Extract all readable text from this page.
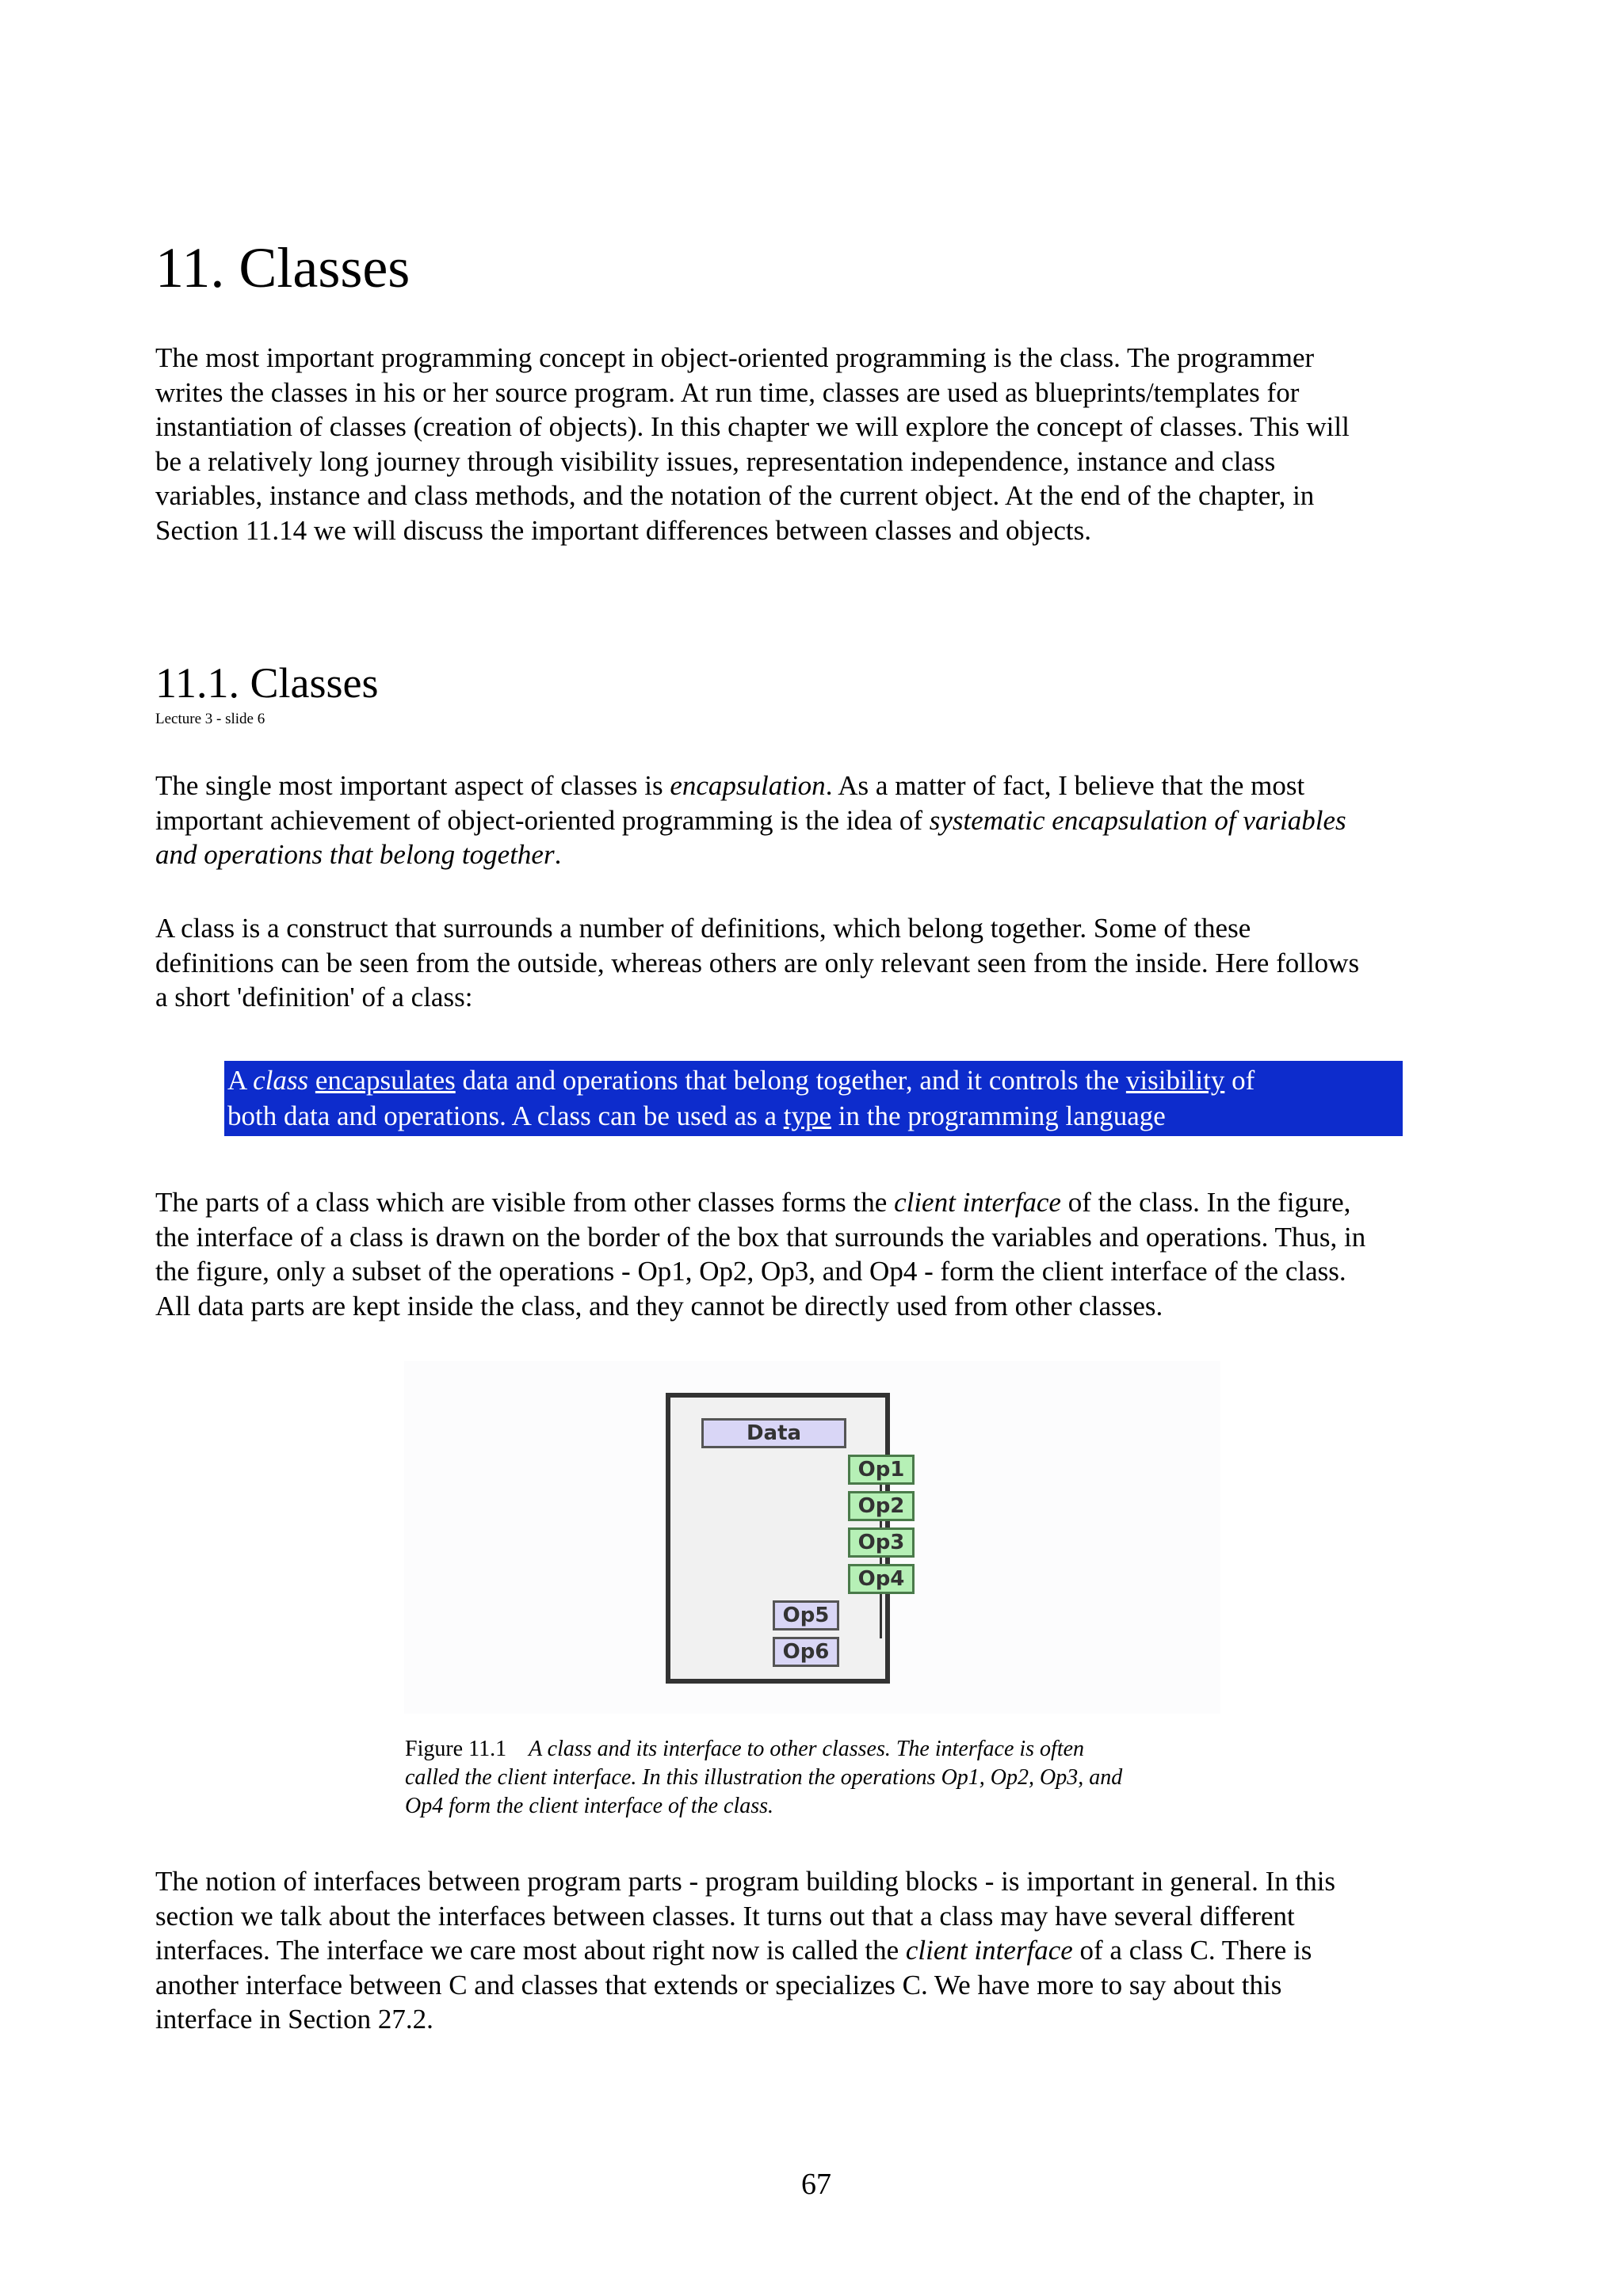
11. Classes

The most important programming concept in object-oriented programming is the class. The programmer
writes the classes in his or her source program. At run time, classes are used as blueprints/templates for
instantiation of classes (creation of objects). In this chapter we will explore the concept of classes. This will
be a relatively long journey through visibility issues, representation independence, instance and class
variables, instance and class methods, and the notation of the current object. At the end of the chapter, in
Section 11.14 we will discuss the important differences between classes and objects.

11.1. Classes
Lecture 3 - slide 6

The single most important aspect of classes is encapsulation. As a matter of fact, I believe that the most
important achievement of object-oriented programming is the idea of systematic encapsulation of variables
and operations that belong together.

A class is a construct that surrounds a number of definitions, which belong together. Some of these
definitions can be seen from the outside, whereas others are only relevant seen from the inside. Here follows
a short 'definition' of a class:

A class encapsulates data and operations that belong together, and it controls the visibility of
both data and operations. A class can be used as a type in the programming language

The parts of a class which are visible from other classes forms the client interface of the class. In the figure,
the interface of a class is drawn on the border of the box that surrounds the variables and operations. Thus, in
the figure, only a subset of the operations - Op1, Op2, Op3, and Op4 - form the client interface of the class.
All data parts are kept inside the class, and they cannot be directly used from other classes.

Data
Op1
Op2
Op3
Op4
Op5
Op6
Figure 11.1 A class and its interface to other classes. The interface is often
called the client interface. In this illustration the operations Op1, Op2, Op3, and
Op4 form the client interface of the class.

The notion of interfaces between program parts - program building blocks - is important in general. In this
section we talk about the interfaces between classes. It turns out that a class may have several different
interfaces. The interface we care most about right now is called the client interface of a class C. There is
another interface between C and classes that extends or specializes C. We have more to say about this
interface in Section 27.2.

67
